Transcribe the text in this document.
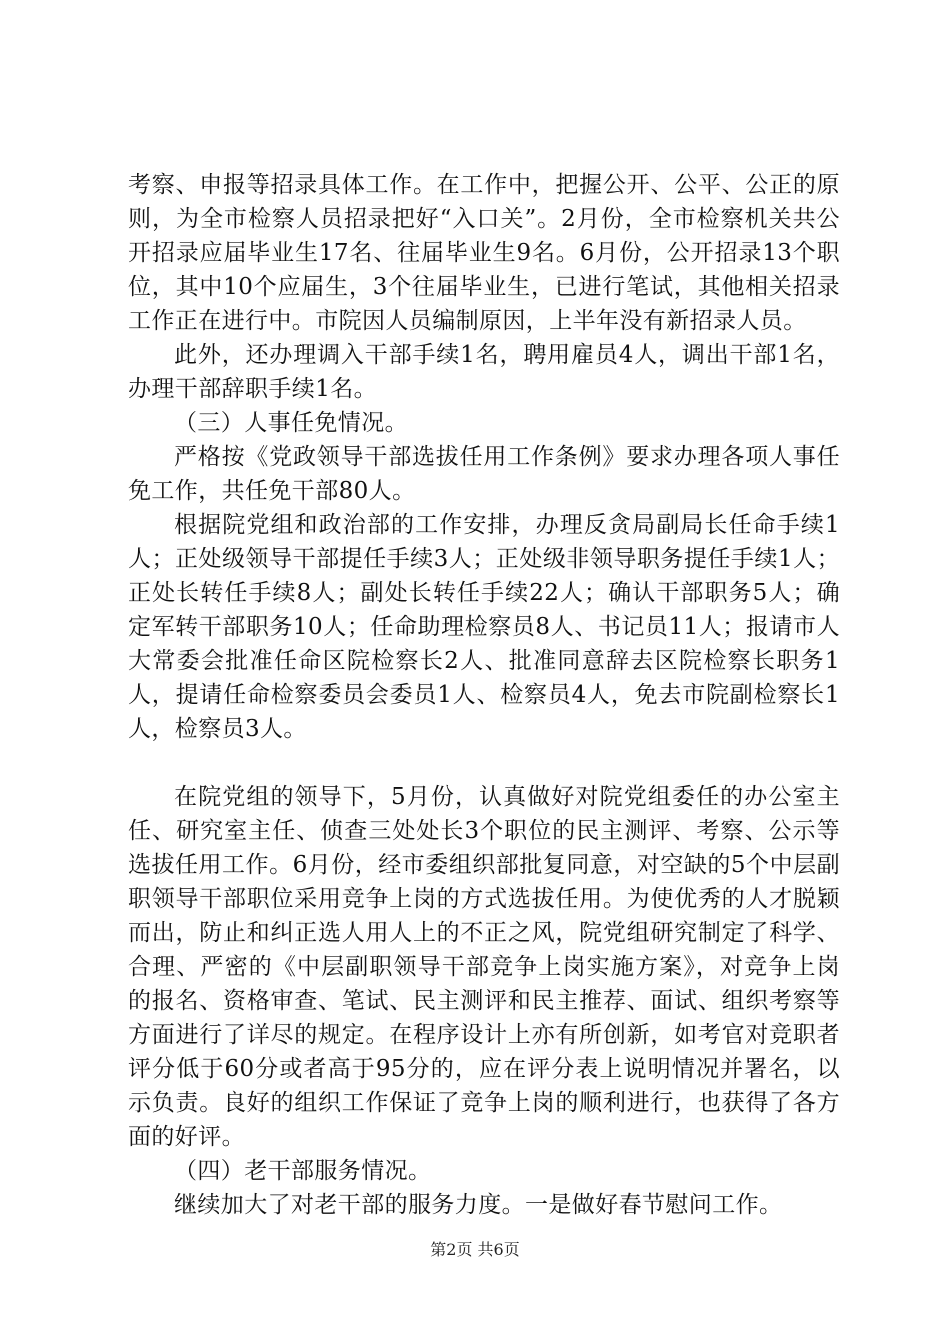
考察、申报等招录具体工作。在工作中，把握公开、公平、公正的原则，为全市检察人员招录把好“入口关”。2月份，全市检察机关共公开招录应届毕业生17名、往届毕业生9名。6月份，公开招录13个职位，其中10个应届生，3个往届毕业生，已进行笔试，其他相关招录工作正在进行中。市院因人员编制原因，上半年没有新招录人员。

此外，还办理调入干部手续1名，聘用雇员4人，调出干部1名，办理干部辞职手续1名。

（三）人事任免情况。

严格按《党政领导干部选拔任用工作条例》要求办理各项人事任免工作，共任免干部80人。

根据院党组和政治部的工作安排，办理反贪局副局长任命手续1人；正处级领导干部提任手续3人；正处级非领导职务提任手续1人；正处长转任手续8人；副处长转任手续22人；确认干部职务5人；确定军转干部职务10人；任命助理检察员8人、书记员11人；报请市人大常委会批准任命区院检察长2人、批准同意辞去区院检察长职务1人，提请任命检察委员会委员1人、检察员4人，免去市院副检察长1人，检察员3人。

在院党组的领导下，5月份，认真做好对院党组委任的办公室主任、研究室主任、侦查三处处长3个职位的民主测评、考察、公示等选拔任用工作。6月份，经市委组织部批复同意，对空缺的5个中层副职领导干部职位采用竞争上岗的方式选拔任用。为使优秀的人才脱颖而出，防止和纠正选人用人上的不正之风，院党组研究制定了科学、合理、严密的《中层副职领导干部竞争上岗实施方案》，对竞争上岗的报名、资格审查、笔试、民主测评和民主推荐、面试、组织考察等方面进行了详尽的规定。在程序设计上亦有所创新，如考官对竞职者评分低于60分或者高于95分的，应在评分表上说明情况并署名，以示负责。良好的组织工作保证了竞争上岗的顺利进行，也获得了各方面的好评。

（四）老干部服务情况。

继续加大了对老干部的服务力度。一是做好春节慰问工作。

第2页 共6页
